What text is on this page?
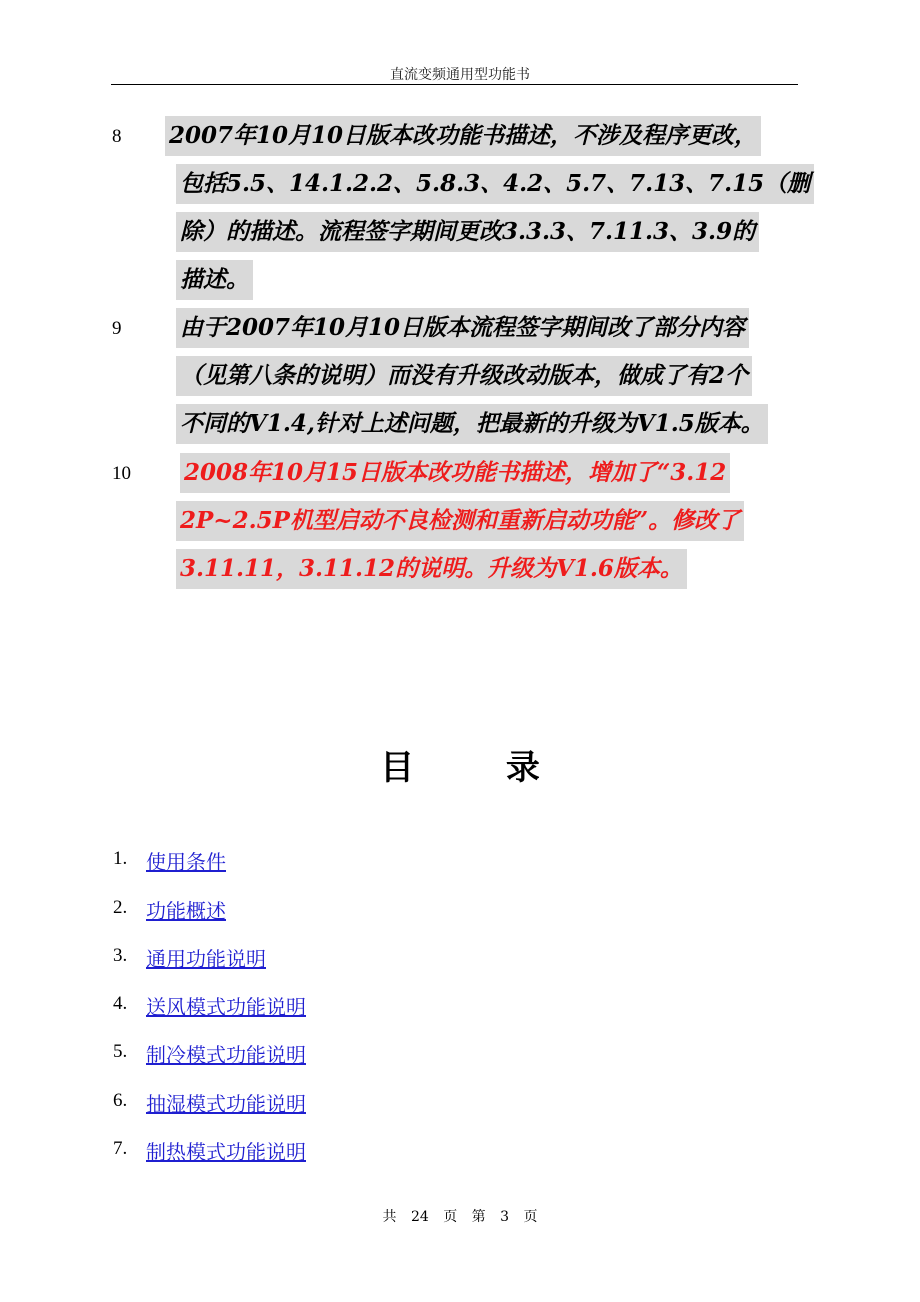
直流变频通用型功能书
8 2007年10月10日版本改功能书描述，不涉及程序更改，
包括5.5、14.1.2.2、5.8.3、4.2、5.7、7.13、7.15（删
除）的描述。流程签字期间更改3.3.3、7.11.3、3.9的
描述。
9	由于2007年10月10日版本流程签字期间改了部分内容
（见第八条的说明）而没有升级改动版本，做成了有2个
不同的V1.4,针对上述问题，把最新的升级为V1.5版本。
10 2008年10月15日版本改功能书描述，增加了“3.12
2P~2.5P机型启动不良检测和重新启动功能”。修改了
3.11.11，3.11.12的说明。升级为V1.6版本。
目 录
1. 使用条件
2. 功能概述
3. 通用功能说明
4. 送风模式功能说明
5. 制冷模式功能说明
6. 抽湿模式功能说明
7. 制热模式功能说明
共 24 页 第 3 页
